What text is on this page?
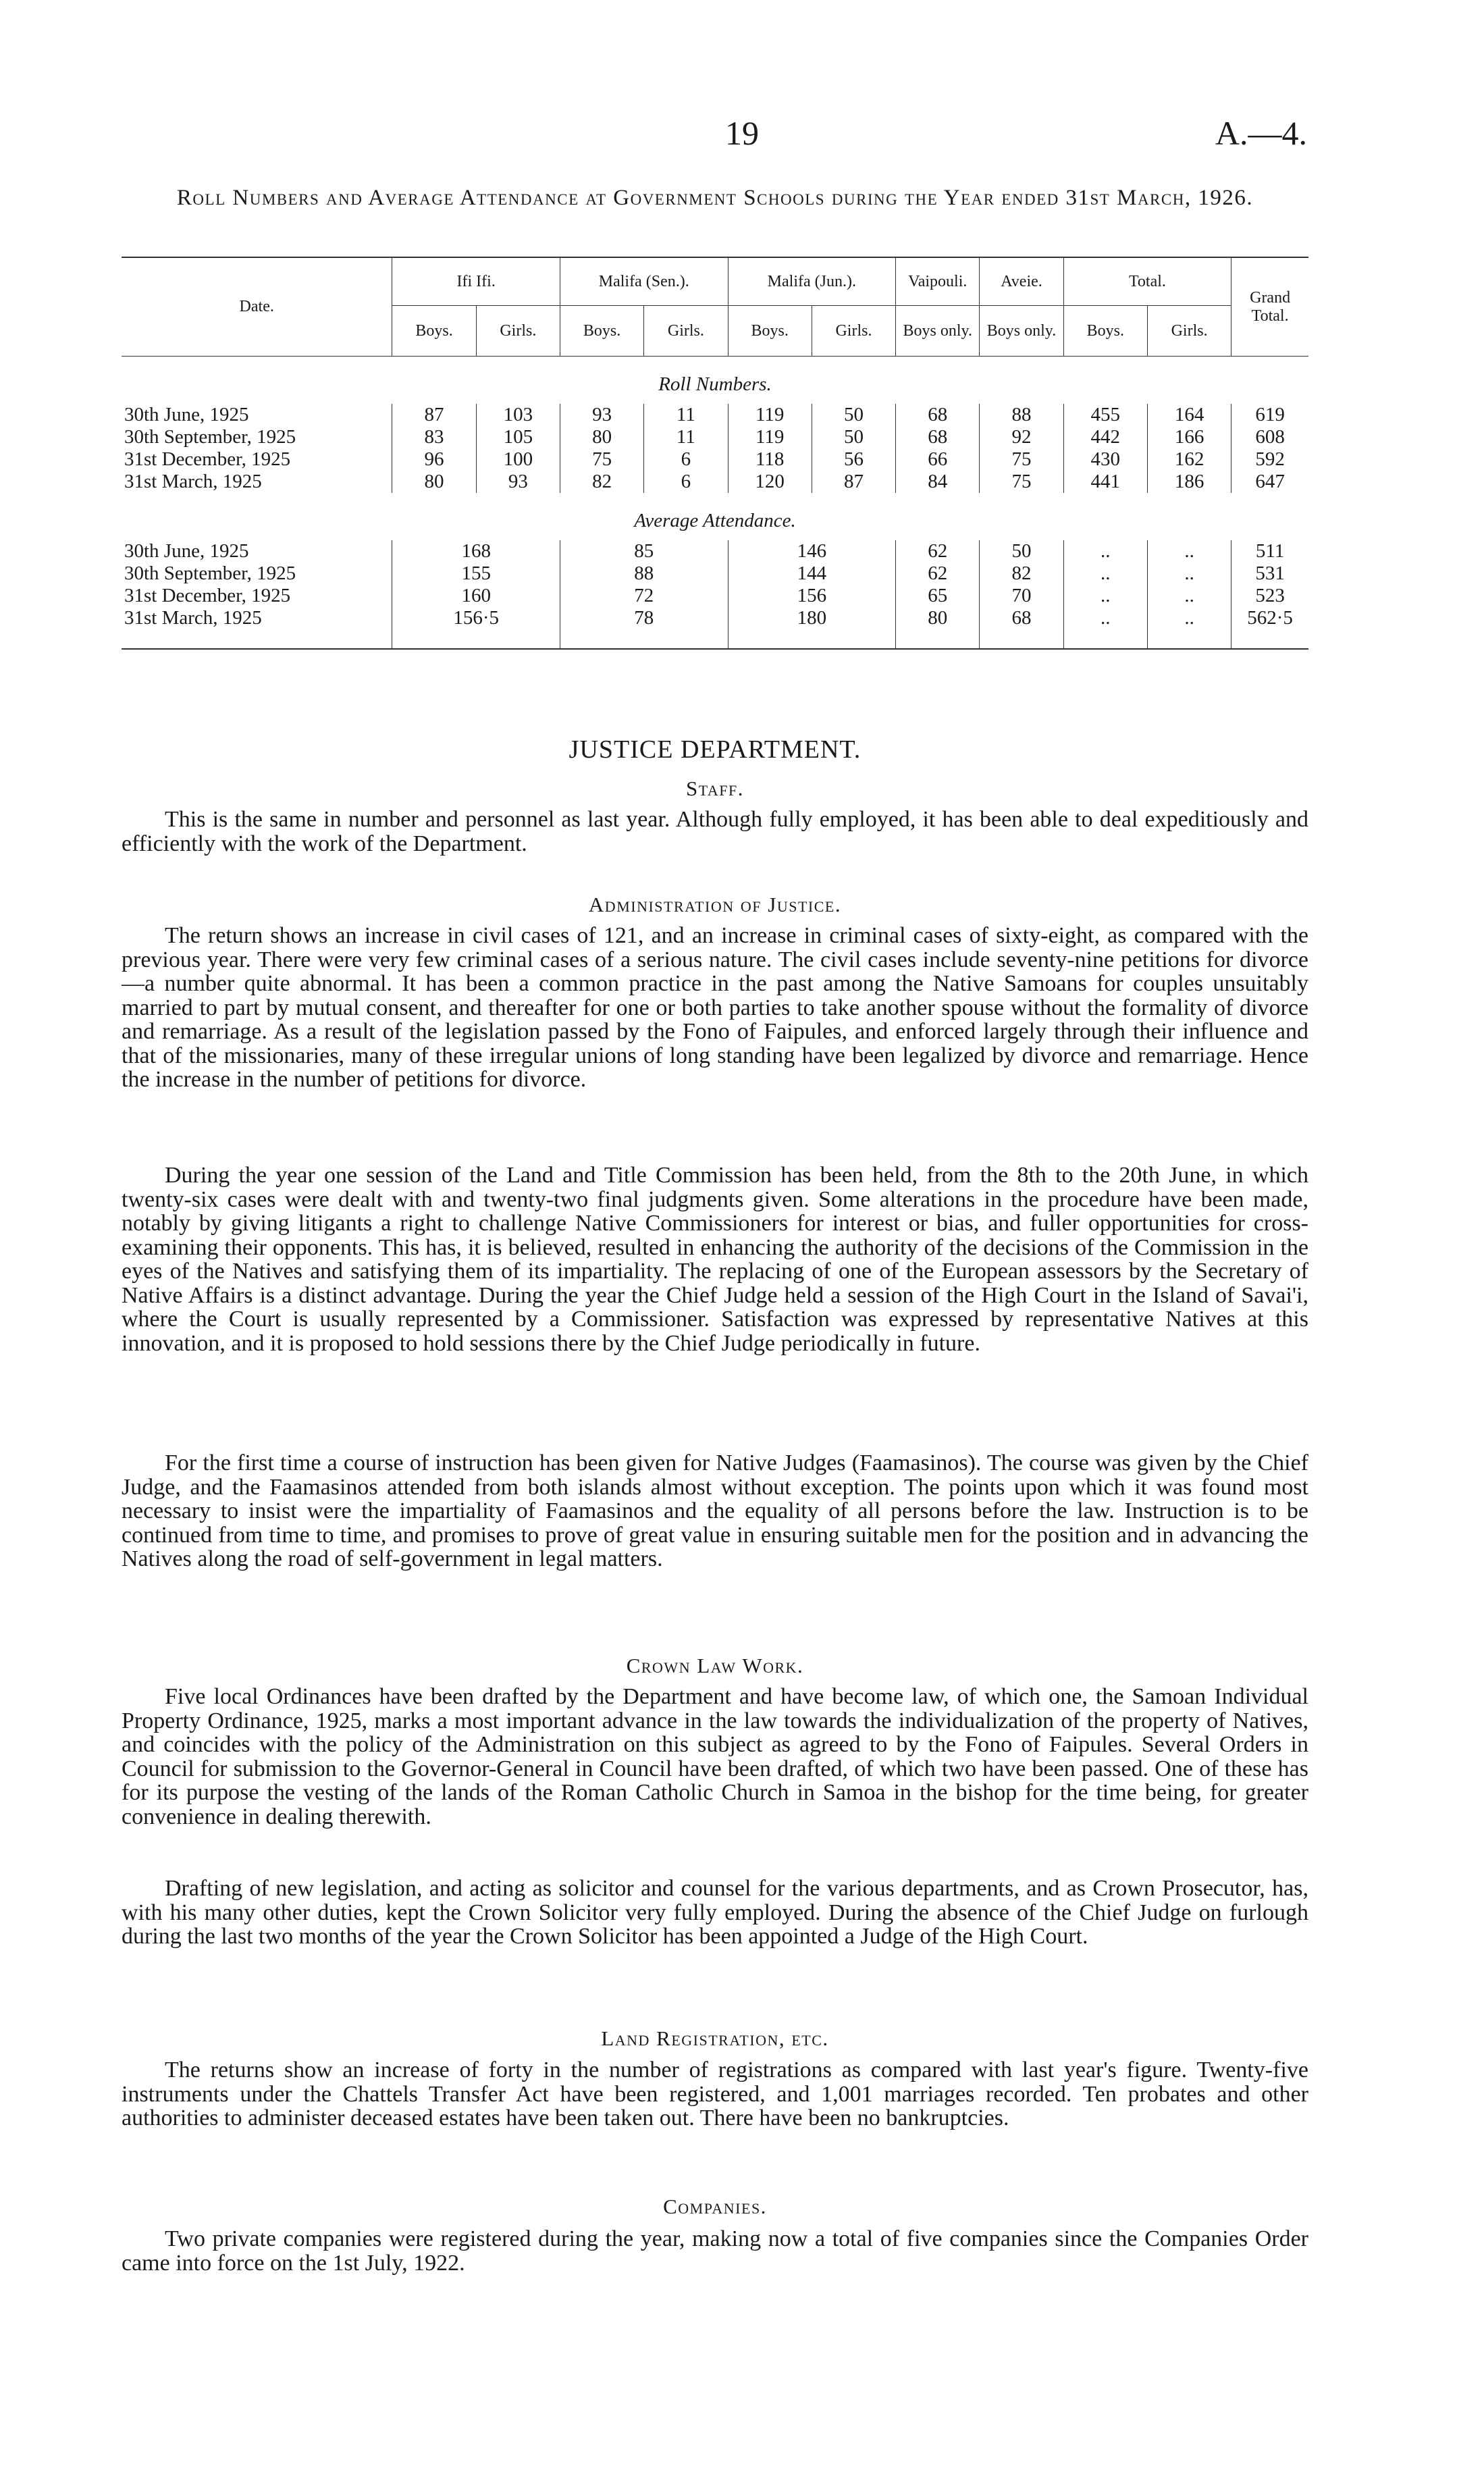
19	A.—4.
Roll Numbers and Average Attendance at Government Schools during the Year ended 31st March, 1926.
Date.	Ifi Ifi.		Malifa (Sen.).		Malifa (Jun.).		Vaipouli.	Aveie.	Total.		Grand Total.
	Boys.	Girls.	Boys.	Girls.	Boys.	Girls.	Boys only.	Boys only.	Boys.	Girls.	
Roll Numbers.											
30th June, 1925	87	103	93	11	119	50	68	88	455	164	619
30th September, 1925	83	105	80	11	119	50	68	92	442	166	608
31st December, 1925	96	100	75	6	118	56	66	75	430	162	592
31st March, 1925	80	93	82	6	120	87	84	75	441	186	647
Average Attendance.											
30th June, 1925	168		85		146		62	50	..	..	511
30th September, 1925	155		88		144		62	82	..	..	531
31st December, 1925	160		72		156		65	70	..	..	523
31st March, 1925	156·5		78		180		80	68	..	..	562·5

JUSTICE DEPARTMENT.
Staff.

This is the same in number and personnel as last year. Although fully employed, it has been able to deal expeditiously and efficiently with the work of the Department.

Administration of Justice.

The return shows an increase in civil cases of 121, and an increase in criminal cases of sixty-eight, as compared with the previous year. There were very few criminal cases of a serious nature. The civil cases include seventy-nine petitions for divorce—a number quite abnormal. It has been a common practice in the past among the Native Samoans for couples unsuitably married to part by mutual consent, and thereafter for one or both parties to take another spouse without the formality of divorce and remarriage. As a result of the legislation passed by the Fono of Faipules, and enforced largely through their influence and that of the missionaries, many of these irregular unions of long standing have been legalized by divorce and remarriage. Hence the increase in the number of petitions for divorce.

During the year one session of the Land and Title Commission has been held, from the 8th to the 20th June, in which twenty-six cases were dealt with and twenty-two final judgments given. Some alterations in the procedure have been made, notably by giving litigants a right to challenge Native Commissioners for interest or bias, and fuller opportunities for cross-examining their opponents. This has, it is believed, resulted in enhancing the authority of the decisions of the Commission in the eyes of the Natives and satisfying them of its impartiality. The replacing of one of the European assessors by the Secretary of Native Affairs is a distinct advantage. During the year the Chief Judge held a session of the High Court in the Island of Savai'i, where the Court is usually represented by a Commissioner. Satisfaction was expressed by representative Natives at this innovation, and it is proposed to hold sessions there by the Chief Judge periodically in future.

For the first time a course of instruction has been given for Native Judges (Faamasinos). The course was given by the Chief Judge, and the Faamasinos attended from both islands almost without exception. The points upon which it was found most necessary to insist were the impartiality of Faamasinos and the equality of all persons before the law. Instruction is to be continued from time to time, and promises to prove of great value in ensuring suitable men for the position and in advancing the Natives along the road of self-government in legal matters.

Crown Law Work.

Five local Ordinances have been drafted by the Department and have become law, of which one, the Samoan Individual Property Ordinance, 1925, marks a most important advance in the law towards the individualization of the property of Natives, and coincides with the policy of the Administration on this subject as agreed to by the Fono of Faipules. Several Orders in Council for submission to the Governor-General in Council have been drafted, of which two have been passed. One of these has for its purpose the vesting of the lands of the Roman Catholic Church in Samoa in the bishop for the time being, for greater convenience in dealing therewith.

Drafting of new legislation, and acting as solicitor and counsel for the various departments, and as Crown Prosecutor, has, with his many other duties, kept the Crown Solicitor very fully employed. During the absence of the Chief Judge on furlough during the last two months of the year the Crown Solicitor has been appointed a Judge of the High Court.

Land Registration, etc.

The returns show an increase of forty in the number of registrations as compared with last year's figure. Twenty-five instruments under the Chattels Transfer Act have been registered, and 1,001 marriages recorded. Ten probates and other authorities to administer deceased estates have been taken out. There have been no bankruptcies.

Companies.

Two private companies were registered during the year, making now a total of five companies since the Companies Order came into force on the 1st July, 1922.
